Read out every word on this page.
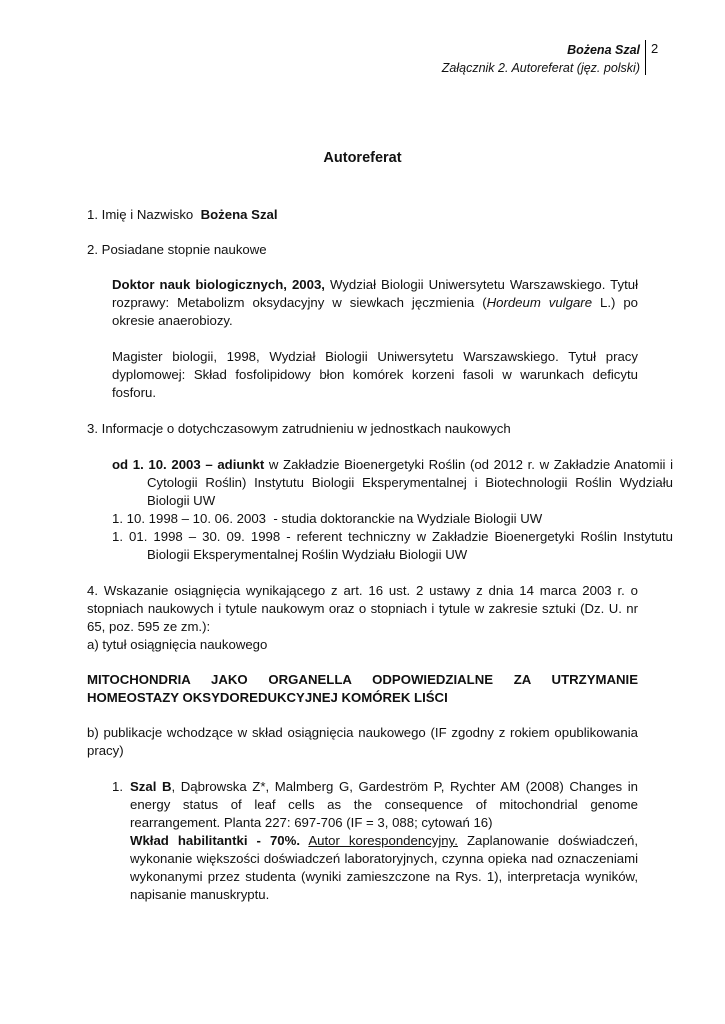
Bożena Szal
Załącznik 2. Autoreferat (jęz. polski)
2
Autoreferat
1. Imię i Nazwisko Bożena Szal
2. Posiadane stopnie naukowe
Doktor nauk biologicznych, 2003, Wydział Biologii Uniwersytetu Warszawskiego. Tytuł rozprawy: Metabolizm oksydacyjny w siewkach jęczmienia (Hordeum vulgare L.) po okresie anaerobiozy.
Magister biologii, 1998, Wydział Biologii Uniwersytetu Warszawskiego. Tytuł pracy dyplomowej: Skład fosfolipidowy błon komórek korzeni fasoli w warunkach deficytu fosforu.
3. Informacje o dotychczasowym zatrudnieniu w jednostkach naukowych
od 1. 10. 2003 – adiunkt w Zakładzie Bioenergetyki Roślin (od 2012 r. w Zakładzie Anatomii i Cytologii Roślin) Instytutu Biologii Eksperymentalnej i Biotechnologii Roślin Wydziału Biologii UW
1. 10. 1998 – 10. 06. 2003  - studia doktoranckie na Wydziale Biologii UW
1. 01. 1998 – 30. 09. 1998 - referent techniczny w Zakładzie Bioenergetyki Roślin Instytutu Biologii Eksperymentalnej Roślin Wydziału Biologii UW
4. Wskazanie osiągnięcia wynikającego z art. 16 ust. 2 ustawy z dnia 14 marca 2003 r. o stopniach naukowych i tytule naukowym oraz o stopniach i tytule w zakresie sztuki (Dz. U. nr 65, poz. 595 ze zm.):
a) tytuł osiągnięcia naukowego
MITOCHONDRIA JAKO ORGANELLA ODPOWIEDZIALNE ZA UTRZYMANIE HOMEOSTAZY OKSYDOREDUKCYJNEJ KOMÓREK LIŚCI
b) publikacje wchodzące w skład osiągnięcia naukowego (IF zgodny z rokiem opublikowania pracy)
1. Szal B, Dąbrowska Z*, Malmberg G, Gardeström P, Rychter AM (2008) Changes in energy status of leaf cells as the consequence of mitochondrial genome rearrangement. Planta 227: 697-706 (IF = 3, 088; cytowań 16)
Wkład habilitantki - 70%. Autor korespondencyjny. Zaplanowanie doświadczeń, wykonanie większości doświadczeń laboratoryjnych, czynna opieka nad oznaczeniami wykonanymi przez studenta (wyniki zamieszczone na Rys. 1), interpretacja wyników, napisanie manuskryptu.
